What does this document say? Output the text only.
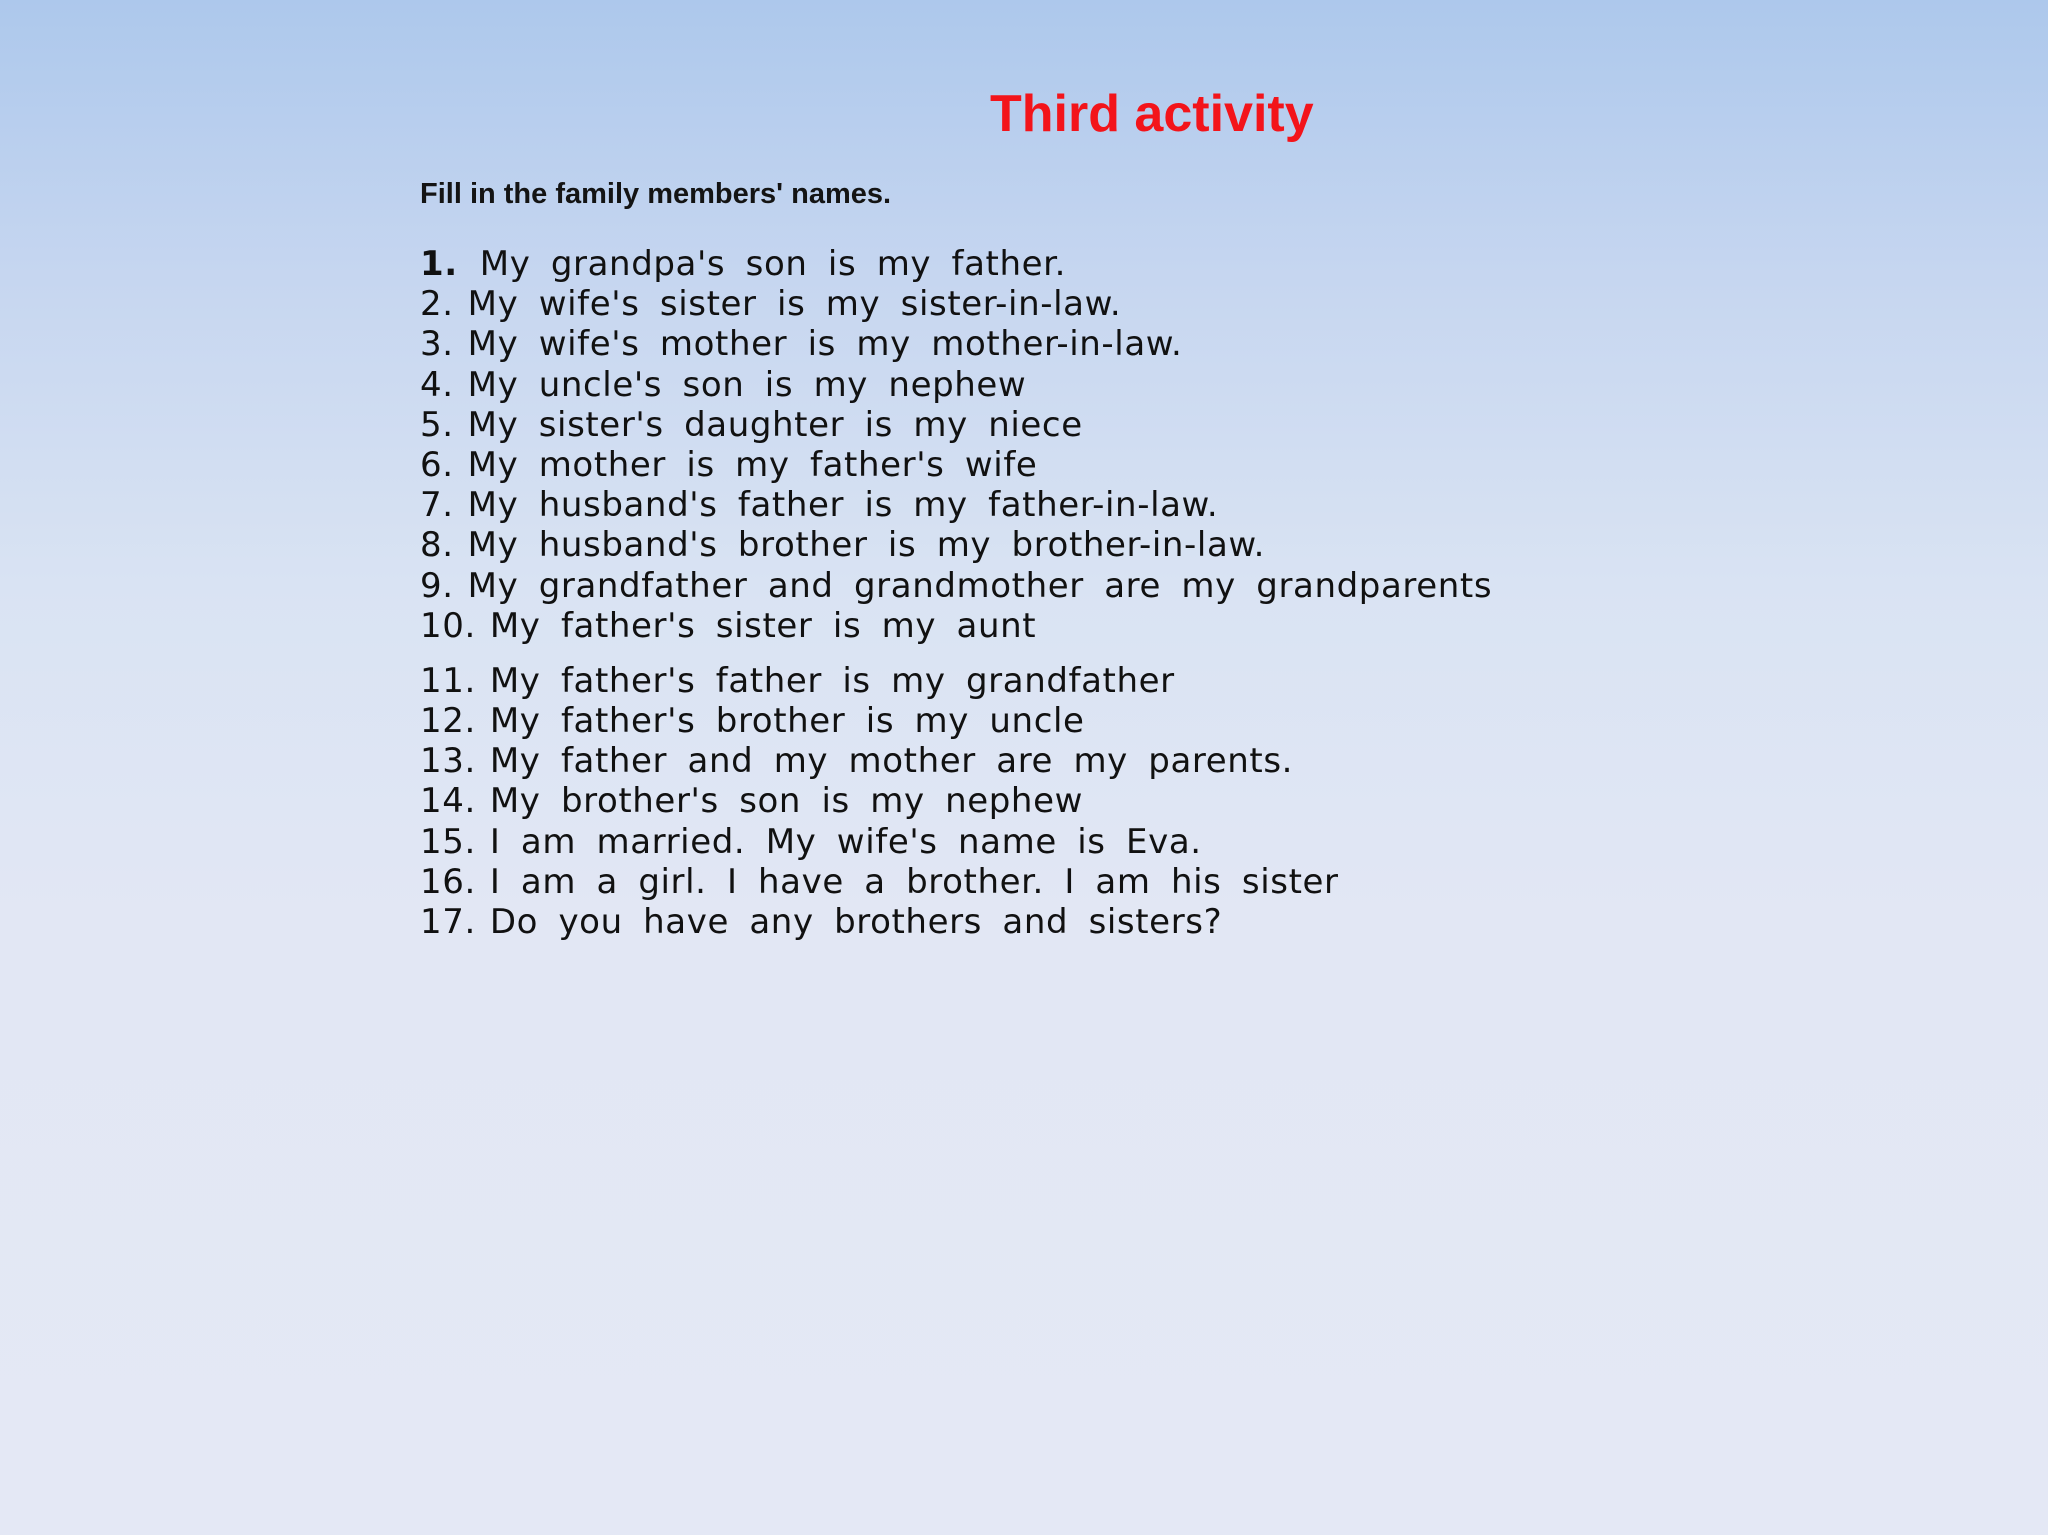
Third activity

Fill in the family members' names.

1. My grandpa's son is my father.
2. My wife's sister is my sister-in-law.
3. My wife's mother is my mother-in-law.
4. My uncle's son is my nephew
5. My sister's daughter is my niece
6. My mother is my father's wife
7. My husband's father is my father-in-law.
8. My husband's brother is my brother-in-law.
9. My grandfather and grandmother are my grandparents
10. My father's sister is my aunt
11. My father's father is my grandfather
12. My father's brother is my uncle
13. My father and my mother are my parents.
14. My brother's son is my nephew
15. I am married. My wife's name is Eva.
16. I am a girl. I have a brother. I am his sister
17. Do you have any brothers and sisters?
